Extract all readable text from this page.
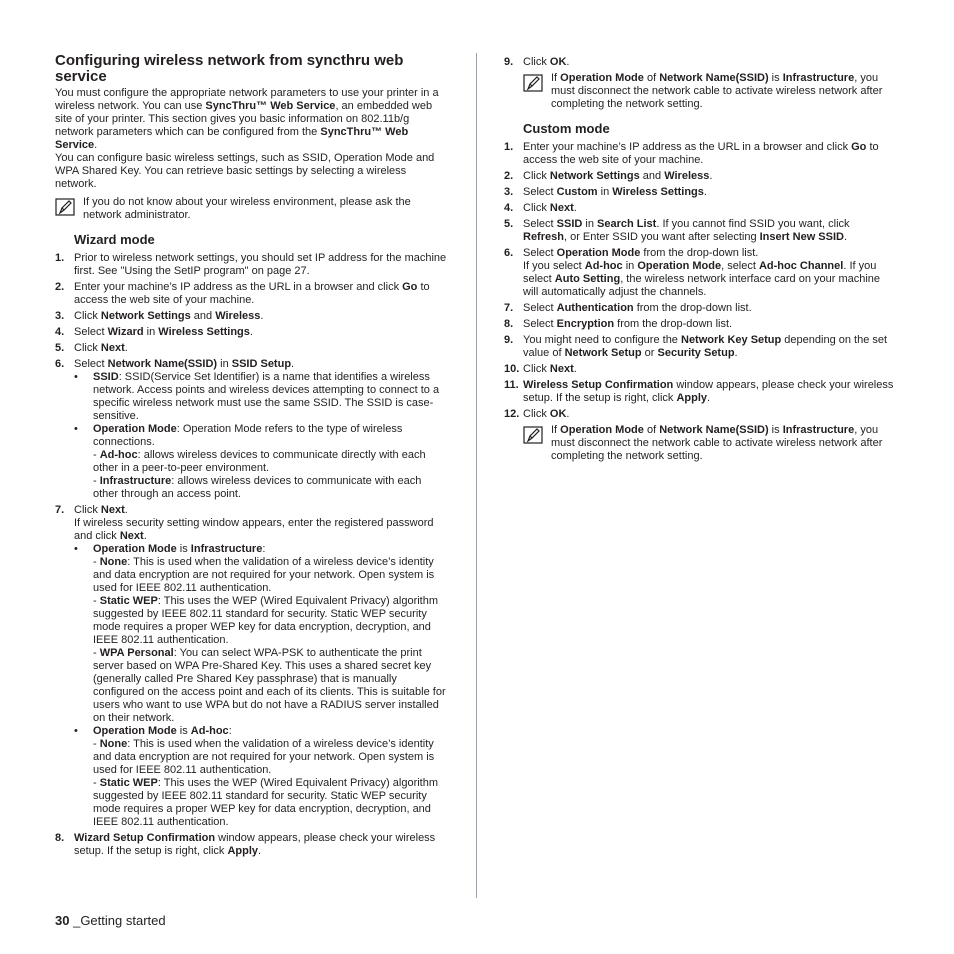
Configuring wireless network from syncthru web service

You must configure the appropriate network parameters to use your printer in a wireless network. You can use SyncThru™ Web Service, an embedded web site of your printer. This section gives you basic information on 802.11b/g network parameters which can be configured from the SyncThru™ Web Service.

You can configure basic wireless settings, such as SSID, Operation Mode and WPA Shared Key. You can retrieve basic settings by selecting a wireless network.

If you do not know about your wireless environment, please ask the network administrator.

Wizard mode
1. Prior to wireless network settings, you should set IP address for the machine first. See "Using the SetIP program" on page 27.
2. Enter your machine’s IP address as the URL in a browser and click Go to access the web site of your machine.
3. Click Network Settings and Wireless.
4. Select Wizard in Wireless Settings.
5. Click Next.
6. Select Network Name(SSID) in SSID Setup.
• SSID: SSID(Service Set Identifier) is a name that identifies a wireless network. Access points and wireless devices attempting to connect to a specific wireless network must use the same SSID. The SSID is case-sensitive.
• Operation Mode: Operation Mode refers to the type of wireless connections.
- Ad-hoc: allows wireless devices to communicate directly with each other in a peer-to-peer environment.
- Infrastructure: allows wireless devices to communicate with each other through an access point.
7. Click Next.
If wireless security setting window appears, enter the registered password and click Next.
• Operation Mode is Infrastructure:
- None: This is used when the validation of a wireless device’s identity and data encryption are not required for your network. Open system is used for IEEE 802.11 authentication.
- Static WEP: This uses the WEP (Wired Equivalent Privacy) algorithm suggested by IEEE 802.11 standard for security. Static WEP security mode requires a proper WEP key for data encryption, decryption, and IEEE 802.11 authentication.
- WPA Personal: You can select WPA-PSK to authenticate the print server based on WPA Pre-Shared Key. This uses a shared secret key (generally called Pre Shared Key passphrase) that is manually configured on the access point and each of its clients. This is suitable for users who want to use WPA but do not have a RADIUS server installed on their network.
• Operation Mode is Ad-hoc:
- None: This is used when the validation of a wireless device’s identity and data encryption are not required for your network. Open system is used for IEEE 802.11 authentication.
- Static WEP: This uses the WEP (Wired Equivalent Privacy) algorithm suggested by IEEE 802.11 standard for security. Static WEP security mode requires a proper WEP key for data encryption, decryption, and IEEE 802.11 authentication.
8. Wizard Setup Confirmation window appears, please check your wireless setup. If the setup is right, click Apply.
9. Click OK.

If Operation Mode of Network Name(SSID) is Infrastructure, you must disconnect the network cable to activate wireless network after completing the network setting.

Custom mode
1. Enter your machine’s IP address as the URL in a browser and click Go to access the web site of your machine.
2. Click Network Settings and Wireless.
3. Select Custom in Wireless Settings.
4. Click Next.
5. Select SSID in Search List. If you cannot find SSID you want, click Refresh, or Enter SSID you want after selecting Insert New SSID.
6. Select Operation Mode from the drop-down list.
If you select Ad-hoc in Operation Mode, select Ad-hoc Channel. If you select Auto Setting, the wireless network interface card on your machine will automatically adjust the channels.
7. Select Authentication from the drop-down list.
8. Select Encryption from the drop-down list.
9. You might need to configure the Network Key Setup depending on the set value of Network Setup or Security Setup.
10. Click Next.
11. Wireless Setup Confirmation window appears, please check your wireless setup. If the setup is right, click Apply.
12. Click OK.

If Operation Mode of Network Name(SSID) is Infrastructure, you must disconnect the network cable to activate wireless network after completing the network setting.

30 _Getting started
